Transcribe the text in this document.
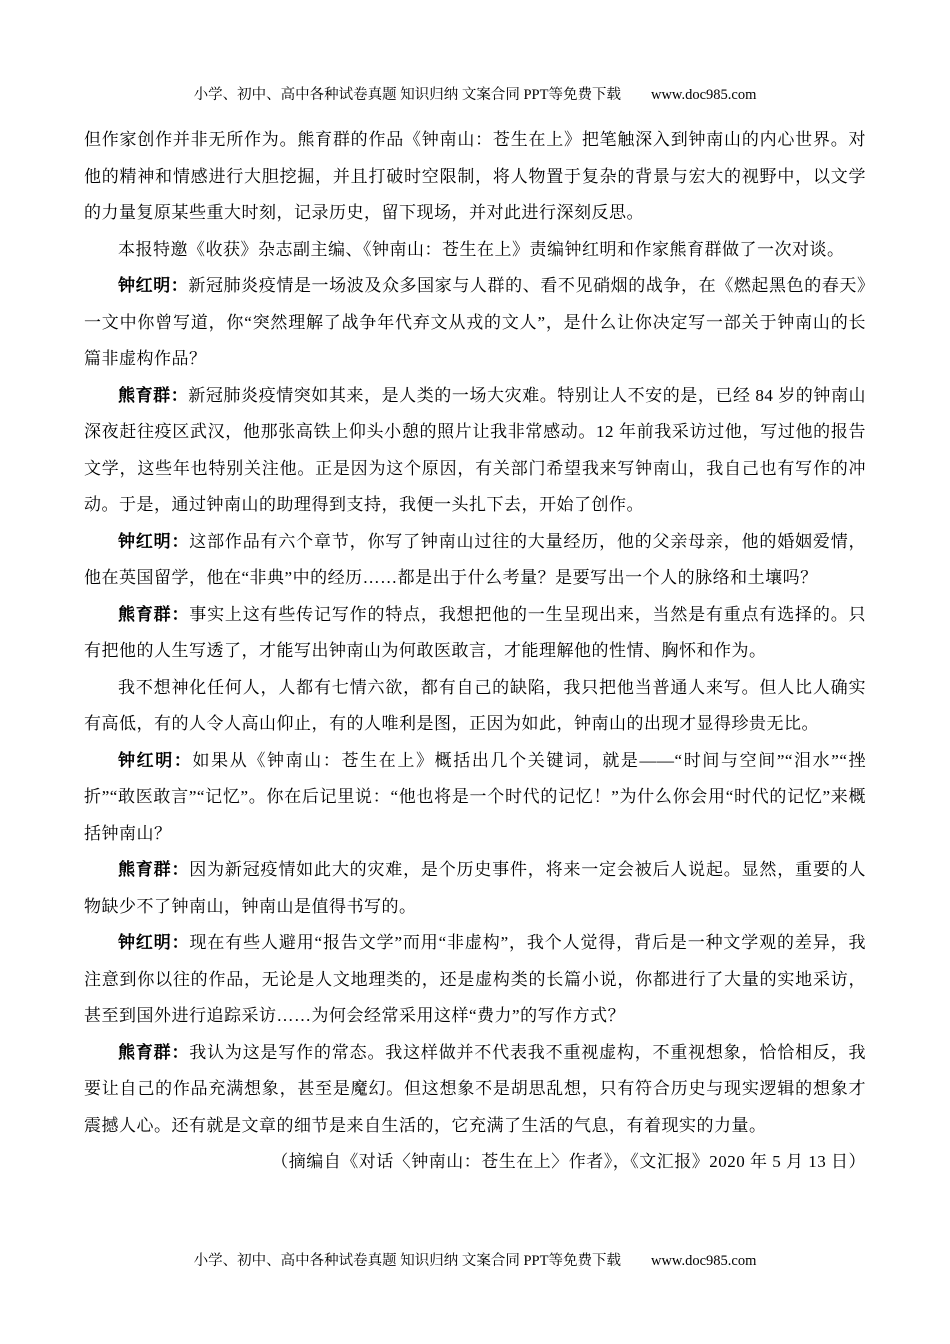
小学、初中、高中各种试卷真题 知识归纳 文案合同 PPT等免费下载 www.doc985.com

但作家创作并非无所作为。熊育群的作品《钟南山：苍生在上》把笔触深入到钟南山的内心世界。对他的精神和情感进行大胆挖掘，并且打破时空限制，将人物置于复杂的背景与宏大的视野中，以文学的力量复原某些重大时刻，记录历史，留下现场，并对此进行深刻反思。

本报特邀《收获》杂志副主编、《钟南山：苍生在上》责编钟红明和作家熊育群做了一次对谈。

钟红明：新冠肺炎疫情是一场波及众多国家与人群的、看不见硝烟的战争，在《燃起黑色的春天》一文中你曾写道，你“突然理解了战争年代弃文从戎的文人”，是什么让你决定写一部关于钟南山的长篇非虚构作品？

熊育群：新冠肺炎疫情突如其来，是人类的一场大灾难。特别让人不安的是，已经 84 岁的钟南山深夜赶往疫区武汉，他那张高铁上仰头小憩的照片让我非常感动。12 年前我采访过他，写过他的报告文学，这些年也特别关注他。正是因为这个原因，有关部门希望我来写钟南山，我自己也有写作的冲动。于是，通过钟南山的助理得到支持，我便一头扎下去，开始了创作。

钟红明：这部作品有六个章节，你写了钟南山过往的大量经历，他的父亲母亲，他的婚姻爱情，他在英国留学，他在“非典”中的经历……都是出于什么考量？是要写出一个人的脉络和土壤吗？

熊育群：事实上这有些传记写作的特点，我想把他的一生呈现出来，当然是有重点有选择的。只有把他的人生写透了，才能写出钟南山为何敢医敢言，才能理解他的性情、胸怀和作为。

我不想神化任何人，人都有七情六欲，都有自己的缺陷，我只把他当普通人来写。但人比人确实有高低，有的人令人高山仰止，有的人唯利是图，正因为如此，钟南山的出现才显得珍贵无比。

钟红明：如果从《钟南山：苍生在上》概括出几个关键词，就是——“时间与空间”“泪水”“挫折”“敢医敢言”“记忆”。你在后记里说：“他也将是一个时代的记忆！”为什么你会用“时代的记忆”来概括钟南山？

熊育群：因为新冠疫情如此大的灾难，是个历史事件，将来一定会被后人说起。显然，重要的人物缺少不了钟南山，钟南山是值得书写的。

钟红明：现在有些人避用“报告文学”而用“非虚构”，我个人觉得，背后是一种文学观的差异，我注意到你以往的作品，无论是人文地理类的，还是虚构类的长篇小说，你都进行了大量的实地采访，甚至到国外进行追踪采访……为何会经常采用这样“费力”的写作方式？

熊育群：我认为这是写作的常态。我这样做并不代表我不重视虚构，不重视想象，恰恰相反，我要让自己的作品充满想象，甚至是魔幻。但这想象不是胡思乱想，只有符合历史与现实逻辑的想象才震撼人心。还有就是文章的细节是来自生活的，它充满了生活的气息，有着现实的力量。

（摘编自《对话〈钟南山：苍生在上〉作者》，《文汇报》2020 年 5 月 13 日）

小学、初中、高中各种试卷真题 知识归纳 文案合同 PPT等免费下载 www.doc985.com
